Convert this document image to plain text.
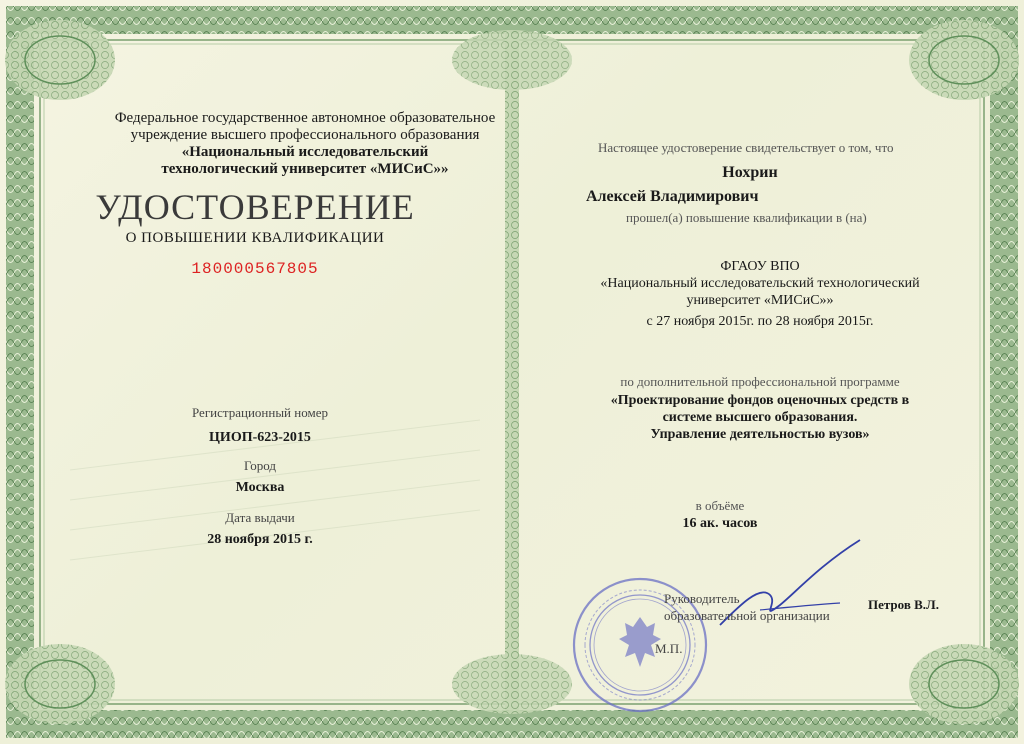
Федеральное государственное автономное образовательное
учреждение высшего профессионального образования
«Национальный исследовательский
технологический университет «МИСиС»»
УДОСТОВЕРЕНИЕ
О ПОВЫШЕНИИ КВАЛИФИКАЦИИ
180000567805
Регистрационный номер
ЦИОП-623-2015
Город
Москва
Дата выдачи
28 ноября 2015 г.
Настоящее удостоверение свидетельствует о том, что
Нохрин
Алексей Владимирович
прошел(а) повышение квалификации в (на)
ФГАОУ ВПО
«Национальный исследовательский технологический
университет «МИСиС»»
с 27 ноября 2015г. по 28 ноября 2015г.
по дополнительной профессиональной программе
«Проектирование фондов оценочных средств в
системе высшего образования.
Управление деятельностью вузов»
в объёме
16 ак. часов
Руководитель
образовательной организации
Петров В.Л.
М.П.
